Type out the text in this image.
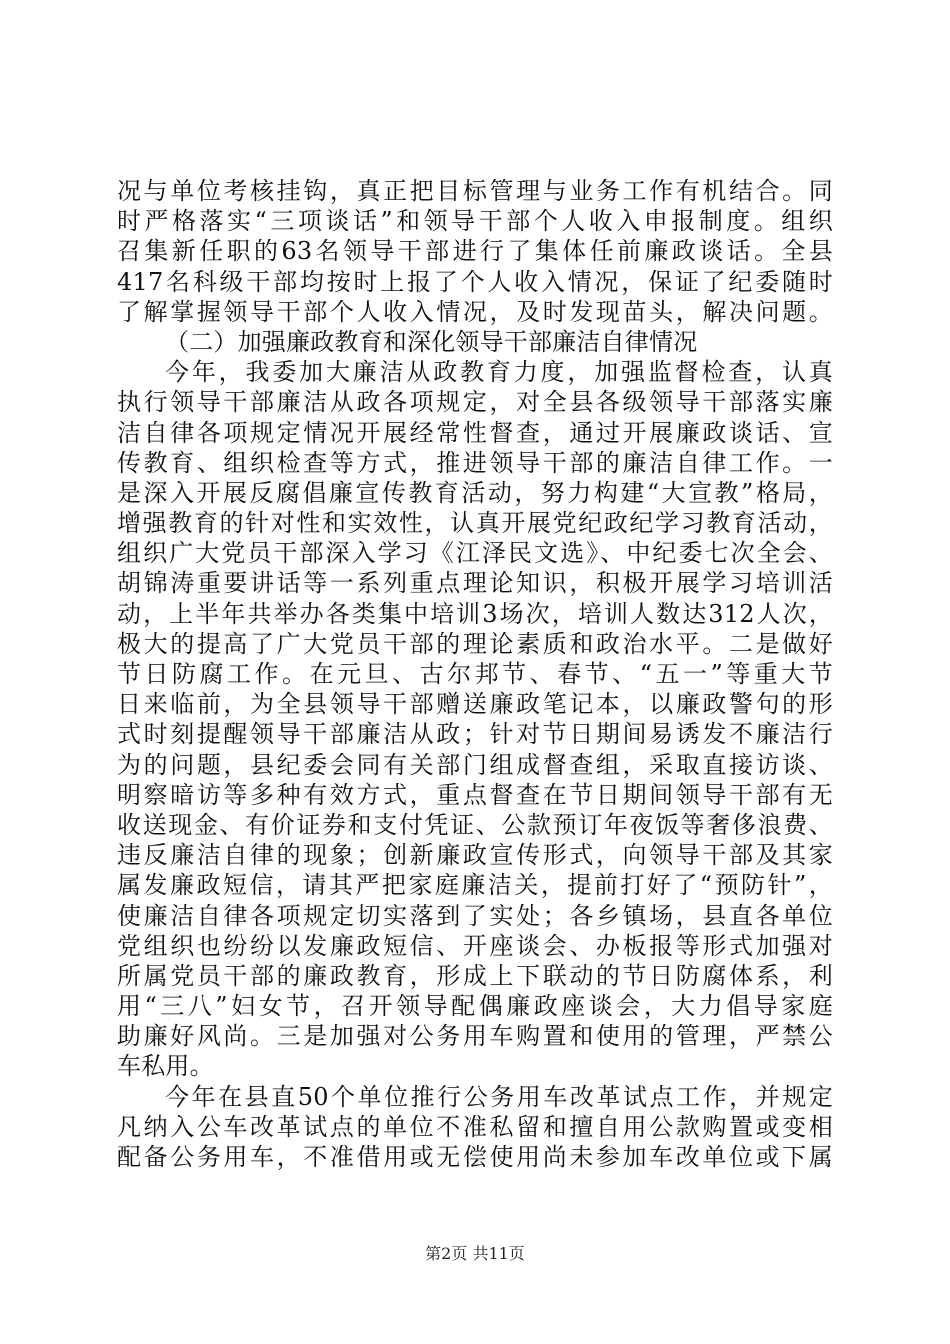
况与单位考核挂钩，真正把目标管理与业务工作有机结合。同
时严格落实“三项谈话”和领导干部个人收入申报制度。组织
召集新任职的63名领导干部进行了集体任前廉政谈话。全县
417名科级干部均按时上报了个人收入情况，保证了纪委随时
了解掌握领导干部个人收入情况，及时发现苗头，解决问题。
（二）加强廉政教育和深化领导干部廉洁自律情况
今年，我委加大廉洁从政教育力度，加强监督检查，认真
执行领导干部廉洁从政各项规定，对全县各级领导干部落实廉
洁自律各项规定情况开展经常性督查，通过开展廉政谈话、宣
传教育、组织检查等方式，推进领导干部的廉洁自律工作。一
是深入开展反腐倡廉宣传教育活动，努力构建“大宣教”格局，
增强教育的针对性和实效性，认真开展党纪政纪学习教育活动，
组织广大党员干部深入学习《江泽民文选》、中纪委七次全会、
胡锦涛重要讲话等一系列重点理论知识，积极开展学习培训活
动，上半年共举办各类集中培训3场次，培训人数达312人次，
极大的提高了广大党员干部的理论素质和政治水平。二是做好
节日防腐工作。在元旦、古尔邦节、春节、“五一”等重大节
日来临前，为全县领导干部赠送廉政笔记本，以廉政警句的形
式时刻提醒领导干部廉洁从政；针对节日期间易诱发不廉洁行
为的问题，县纪委会同有关部门组成督查组，采取直接访谈、
明察暗访等多种有效方式，重点督查在节日期间领导干部有无
收送现金、有价证券和支付凭证、公款预订年夜饭等奢侈浪费、
违反廉洁自律的现象；创新廉政宣传形式，向领导干部及其家
属发廉政短信，请其严把家庭廉洁关，提前打好了“预防针”，
使廉洁自律各项规定切实落到了实处；各乡镇场，县直各单位
党组织也纷纷以发廉政短信、开座谈会、办板报等形式加强对
所属党员干部的廉政教育，形成上下联动的节日防腐体系，利
用“三八”妇女节，召开领导配偶廉政座谈会，大力倡导家庭
助廉好风尚。三是加强对公务用车购置和使用的管理，严禁公
车私用。
今年在县直50个单位推行公务用车改革试点工作，并规定
凡纳入公车改革试点的单位不准私留和擅自用公款购置或变相
配备公务用车，不准借用或无偿使用尚未参加车改单位或下属
第2页 共11页
